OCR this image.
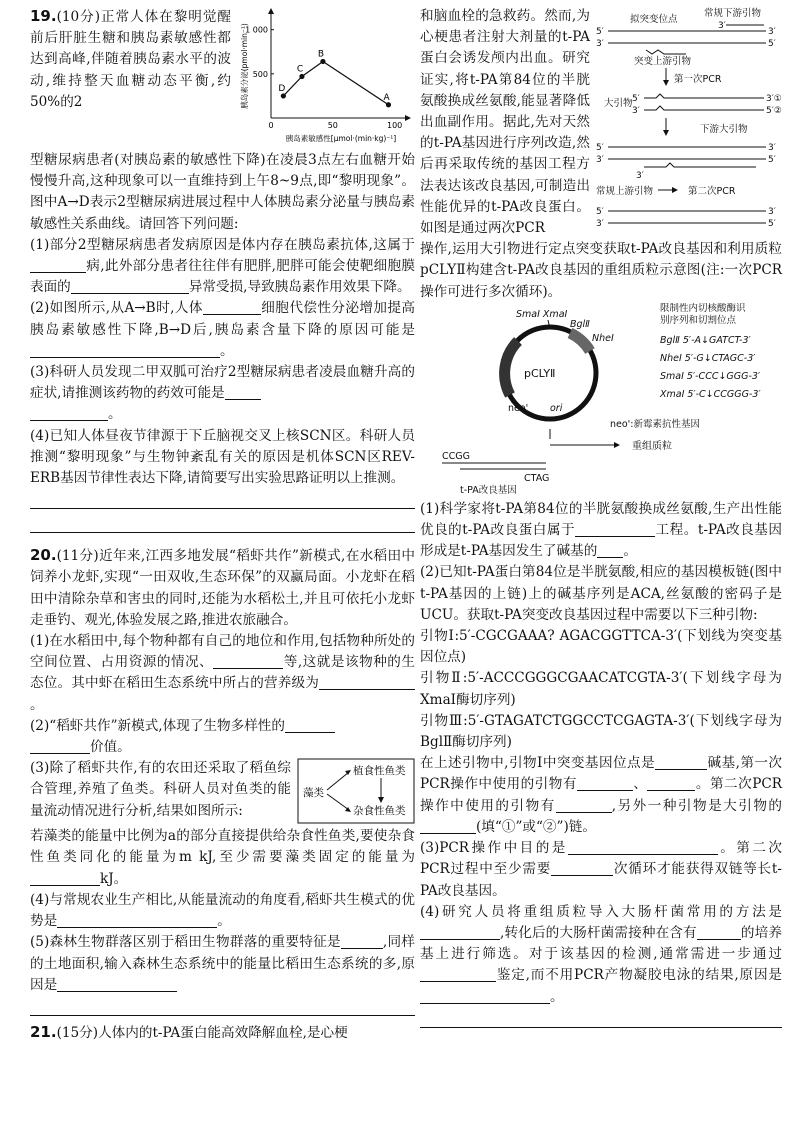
1 000
500
0	50	100
胰岛素分泌(pmol·min⁻¹)
胰岛素敏感性[μmol·(min·kg)⁻¹]
D
C
B
A

19.(10分)正常人体在黎明觉醒前后肝脏生糖和胰岛素敏感性都达到高峰,伴随着胰岛素水平的波动,维持整天血糖动态平衡,约50%的2

型糖尿病患者(对胰岛素的敏感性下降)在凌晨3点左右血糖开始慢慢升高,这种现象可以一直维持到上午8~9点,即“黎明现象”。图中A→D表示2型糖尿病进展过程中人体胰岛素分泌量与胰岛素敏感性关系曲线。请回答下列问题:

(1)部分2型糖尿病患者发病原因是体内存在胰岛素抗体,这属于病,此外部分患者往往伴有肥胖,肥胖可能会使靶细胞膜表面的	异常受损,导致胰岛素作用效果下降。

(2)如图所示,从A→B时,人体	细胞代偿性分泌增加提高胰岛素敏感性下降,B→D后,胰岛素含量下降的原因可能是。

(3)科研人员发现二甲双胍可治疗2型糖尿病患者凌晨血糖升高的症状,请推测该药物的药效可能是

。

(4)已知人体昼夜节律源于下丘脑视交叉上核SCN区。科研人员推测“黎明现象”与生物钟紊乱有关的原因是机体SCN区REV-ERB基因节律性表达下降,请简要写出实验思路证明以上推测。

20.(11分)近年来,江西多地发展“稻虾共作”新模式,在水稻田中饲养小龙虾,实现“一田双收,生态环保”的双赢局面。小龙虾在稻田中清除杂草和害虫的同时,还能为水稻松土,并且可依托小龙虾走垂钓、观光,体验发展之路,推进农旅融合。

(1)在水稻田中,每个物种都有自己的地位和作用,包括物种所处的空间位置、占用资源的情况、	等,这就是该物种的生态位。其中虾在稻田生态系统中所占的营养级为。

(2)“稻虾共作”新模式,体现了生物多样性的

价值。

藻类
植食性鱼类
杂食性鱼类

(3)除了稻虾共作,有的农田还采取了稻鱼综合管理,养殖了鱼类。科研人员对鱼类的能量流动情况进行分析,结果如图所示:

若藻类的能量中比例为a的部分直接提供给杂食性鱼类,要使杂食性鱼类同化的能量为m kJ,至少需要藻类固定的能量为kJ。

(4)与常规农业生产相比,从能量流动的角度看,稻虾共生模式的优势是	。

(5)森林生物群落区别于稻田生物群落的重要特征是	,同样的土地面积,输入森林生态系统中的能量比稻田生态系统的多,原因是

21.(15分)人体内的t-PA蛋白能高效降解血栓,是心梗

常规下游引物
拟突变位点
5′
3′
3′
5′
3′
突变上游引物
第一次PCR
大引物 5′
3′
3′①
5′②
下游大引物
5′
3′
3′
5′
3′
常规上游引物	第二次PCR
5′
3′
3′
5′

和脑血栓的急救药。然而,为心梗患者注射大剂量的t-PA蛋白会诱发颅内出血。研究证实,将t-PA第84位的半胱氨酸换成丝氨酸,能显著降低出血副作用。据此,先对天然的t-PA基因进行序列改造,然后再采取传统的基因工程方法表达该改良基因,可制造出性能优异的t-PA改良蛋白。如图是通过两次PCR

操作,运用大引物进行定点突变获取t-PA改良基因和利用质粒pCLYⅡ构建含t-PA改良基因的重组质粒示意图(注:一次PCR操作可进行多次循环)。

pCLYⅡ
neo' ori
SmaⅠ XmaⅠ
BglⅡ
NheⅠ
限制性内切核酸酶识
别序列和切割位点
BglⅡ 5′-A↓GATCT-3′
NheⅠ 5′-G↓CTAGC-3′
SmaⅠ 5′-CCC↓GGG-3′
XmaⅠ 5′-C↓CCGGG-3′
neo':新霉素抗性基因
重组质粒
CCGG
CTAG
t-PA改良基因

(1)科学家将t-PA第84位的半胱氨酸换成丝氨酸,生产出性能优良的t-PA改良蛋白属于	工程。t-PA改良基因形成是t-PA基因发生了碱基的 。

(2)已知t-PA蛋白第84位是半胱氨酸,相应的基因模板链(图中t-PA基因的上链)上的碱基序列是ACA,丝氨酸的密码子是UCU。获取t-PA突变改良基因过程中需要以下三种引物:

引物Ⅰ:5′-CGCGAAA? AGACGGTTCA-3′(下划线为突变基因位点)

引物Ⅱ:5′-ACCCGGGCGAACATCGTA-3′(下划线字母为XmaⅠ酶切序列)

引物Ⅲ:5′-GTAGATCTGGCCTCGAGTA-3′(下划线字母为BglⅡ酶切序列)

在上述引物中,引物Ⅰ中突变基因位点是	碱基,第一次PCR操作中使用的引物有	、	。第二次PCR操作中使用的引物有	,另外一种引物是大引物的(填“①”或“②”)链。

(3)PCR操作中目的是	。第二次PCR过程中至少需要	次循环才能获得双链等长t-PA改良基因。

(4)研究人员将重组质粒导入大肠杆菌常用的方法是,转化后的大肠杆菌需接种在含有	的培养基上进行筛选。对于该基因的检测,通常需进一步通过鉴定,而不用PCR产物凝胶电泳的结果,原因是。
